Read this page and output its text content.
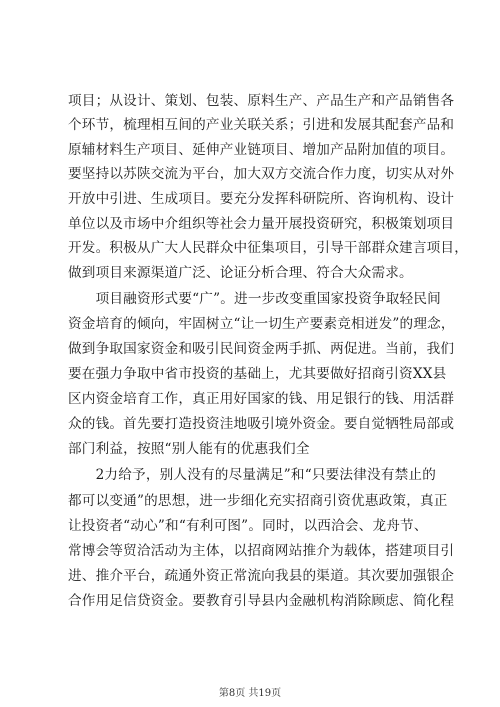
项目；从设计、策划、包装、原料生产、产品生产和产品销售各
个环节，梳理相互间的产业关联关系；引进和发展其配套产品和
原辅材料生产项目、延伸产业链项目、增加产品附加值的项目。
要坚持以苏陕交流为平台，加大双方交流合作力度，切实从对外
开放中引进、生成项目。要充分发挥科研院所、咨询机构、设计
单位以及市场中介组织等社会力量开展投资研究，积极策划项目
开发。积极从广大人民群众中征集项目，引导干部群众建言项目，
做到项目来源渠道广泛、论证分析合理、符合大众需求。
　　项目融资形式要“广”。进一步改变重国家投资争取轻民间
资金培育的倾向，牢固树立“让一切生产要素竞相迸发”的理念，
做到争取国家资金和吸引民间资金两手抓、两促进。当前，我们
要在强力争取中省市投资的基础上，尤其要做好招商引资XX县
区内资金培育工作，真正用好国家的钱、用足银行的钱、用活群
众的钱。首先要打造投资洼地吸引境外资金。要自觉牺牲局部或
部门利益，按照“别人能有的优惠我们全
　　2力给予，别人没有的尽量满足”和“只要法律没有禁止的
都可以变通”的思想，进一步细化充实招商引资优惠政策，真正
让投资者“动心”和“有利可图”。同时，以西洽会、龙舟节、
常博会等贸洽活动为主体，以招商网站推介为载体，搭建项目引
进、推介平台，疏通外资正常流向我县的渠道。其次要加强银企
合作用足信贷资金。要教育引导县内金融机构消除顾虑、简化程
第8页 共19页
